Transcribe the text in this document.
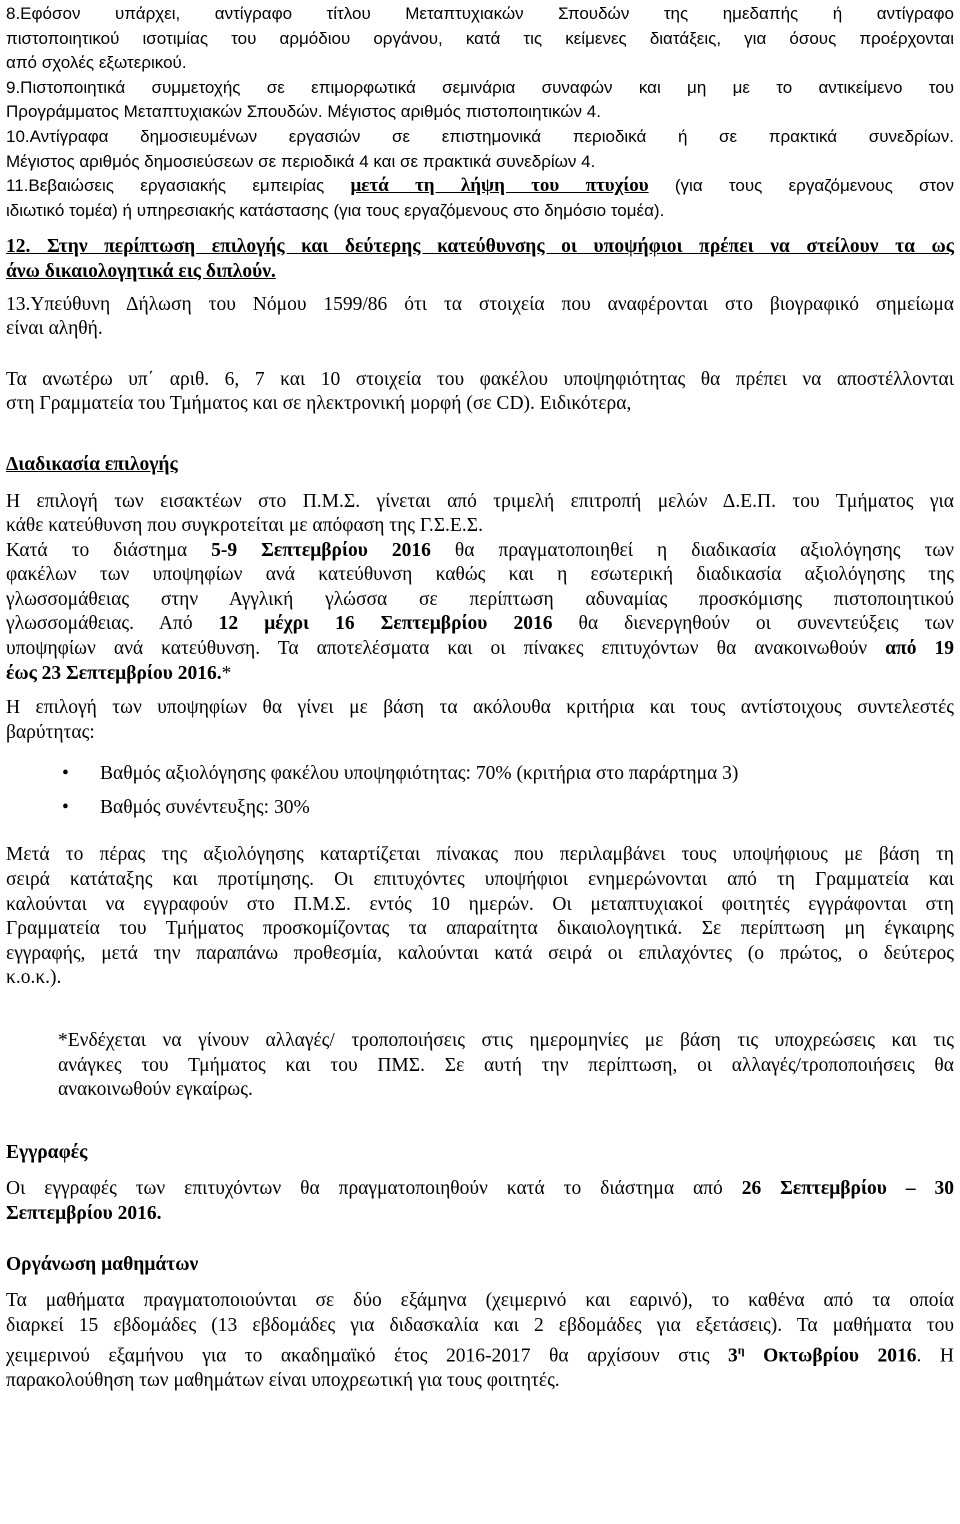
8.Εφόσον υπάρχει, αντίγραφο τίτλου Μεταπτυχιακών Σπουδών της ημεδαπής ή αντίγραφο

πιστοποιητικού ισοτιμίας του αρμόδιου οργάνου, κατά τις κείμενες διατάξεις, για όσους προέρχονται

από σχολές εξωτερικού.

9.Πιστοποιητικά συμμετοχής σε επιμορφωτικά σεμινάρια συναφών και μη με το αντικείμενο του

Προγράμματος Μεταπτυχιακών Σπουδών. Μέγιστος αριθμός πιστοποιητικών 4.

10.Αντίγραφα δημοσιευμένων εργασιών σε επιστημονικά περιοδικά ή σε πρακτικά συνεδρίων.

Μέγιστος αριθμός δημοσιεύσεων σε περιοδικά 4 και σε πρακτικά συνεδρίων 4.

11.Βεβαιώσεις εργασιακής εμπειρίας μετά τη λήψη του πτυχίου (για τους εργαζόμενους στον

ιδιωτικό τομέα) ή υπηρεσιακής κατάστασης (για τους εργαζόμενους στο δημόσιο τομέα).

12. Στην περίπτωση επιλογής και δεύτερης κατεύθυνσης οι υποψήφιοι πρέπει να στείλουν τα ως

άνω δικαιολογητικά εις διπλούν.

13.Υπεύθυνη Δήλωση του Νόμου 1599/86 ότι τα στοιχεία που αναφέρονται στο βιογραφικό σημείωμα

είναι αληθή.

Τα ανωτέρω υπ΄ αριθ. 6, 7 και 10 στοιχεία του φακέλου υποψηφιότητας θα πρέπει να αποστέλλονται

στη Γραμματεία του Τμήματος και σε ηλεκτρονική μορφή (σε CD). Ειδικότερα,

Διαδικασία επιλογής

Η επιλογή των εισακτέων στο Π.Μ.Σ. γίνεται από τριμελή επιτροπή μελών Δ.Ε.Π. του Τμήματος για

κάθε κατεύθυνση που συγκροτείται με απόφαση της Γ.Σ.Ε.Σ.

Κατά το διάστημα 5-9 Σεπτεμβρίου 2016 θα πραγματοποιηθεί η διαδικασία αξιολόγησης των

φακέλων των υποψηφίων ανά κατεύθυνση καθώς και η εσωτερική διαδικασία αξιολόγησης της

γλωσσομάθειας στην Αγγλική γλώσσα σε περίπτωση αδυναμίας προσκόμισης πιστοποιητικού

γλωσσομάθειας. Από 12 μέχρι 16 Σεπτεμβρίου 2016 θα διενεργηθούν οι συνεντεύξεις των

υποψηφίων ανά κατεύθυνση. Τα αποτελέσματα και οι πίνακες επιτυχόντων θα ανακοινωθούν από 19

έως 23 Σεπτεμβρίου 2016.*

Η επιλογή των υποψηφίων θα γίνει με βάση τα ακόλουθα κριτήρια και τους αντίστοιχους συντελεστές

βαρύτητας:

• Βαθμός αξιολόγησης φακέλου υποψηφιότητας: 70% (κριτήρια στο παράρτημα 3)
• Βαθμός συνέντευξης: 30%

Μετά το πέρας της αξιολόγησης καταρτίζεται πίνακας που περιλαμβάνει τους υποψήφιους με βάση τη

σειρά κατάταξης και προτίμησης. Οι επιτυχόντες υποψήφιοι ενημερώνονται από τη Γραμματεία και

καλούνται να εγγραφούν στο Π.Μ.Σ. εντός 10 ημερών. Οι μεταπτυχιακοί φοιτητές εγγράφονται στη

Γραμματεία του Τμήματος προσκομίζοντας τα απαραίτητα δικαιολογητικά. Σε περίπτωση μη έγκαιρης

εγγραφής, μετά την παραπάνω προθεσμία, καλούνται κατά σειρά οι επιλαχόντες (ο πρώτος, ο δεύτερος

κ.ο.κ.).

*Ενδέχεται να γίνουν αλλαγές/ τροποποιήσεις στις ημερομηνίες με βάση τις υποχρεώσεις και τις

ανάγκες του Τμήματος και του ΠΜΣ. Σε αυτή την περίπτωση, οι αλλαγές/τροποποιήσεις θα

ανακοινωθούν εγκαίρως.

Εγγραφές

Οι εγγραφές των επιτυχόντων θα πραγματοποιηθούν κατά το διάστημα από 26 Σεπτεμβρίου – 30

Σεπτεμβρίου 2016.

Οργάνωση μαθημάτων

Τα μαθήματα πραγματοποιούνται σε δύο εξάμηνα (χειμερινό και εαρινό), το καθένα από τα οποία

διαρκεί 15 εβδομάδες (13 εβδομάδες για διδασκαλία και 2 εβδομάδες για εξετάσεις). Τα μαθήματα του

χειμερινού εξαμήνου για το ακαδημαϊκό έτος 2016-2017 θα αρχίσουν στις $3^\eta$ Οκτωβρίου 2016. Η

παρακολούθηση των μαθημάτων είναι υποχρεωτική για τους φοιτητές.
